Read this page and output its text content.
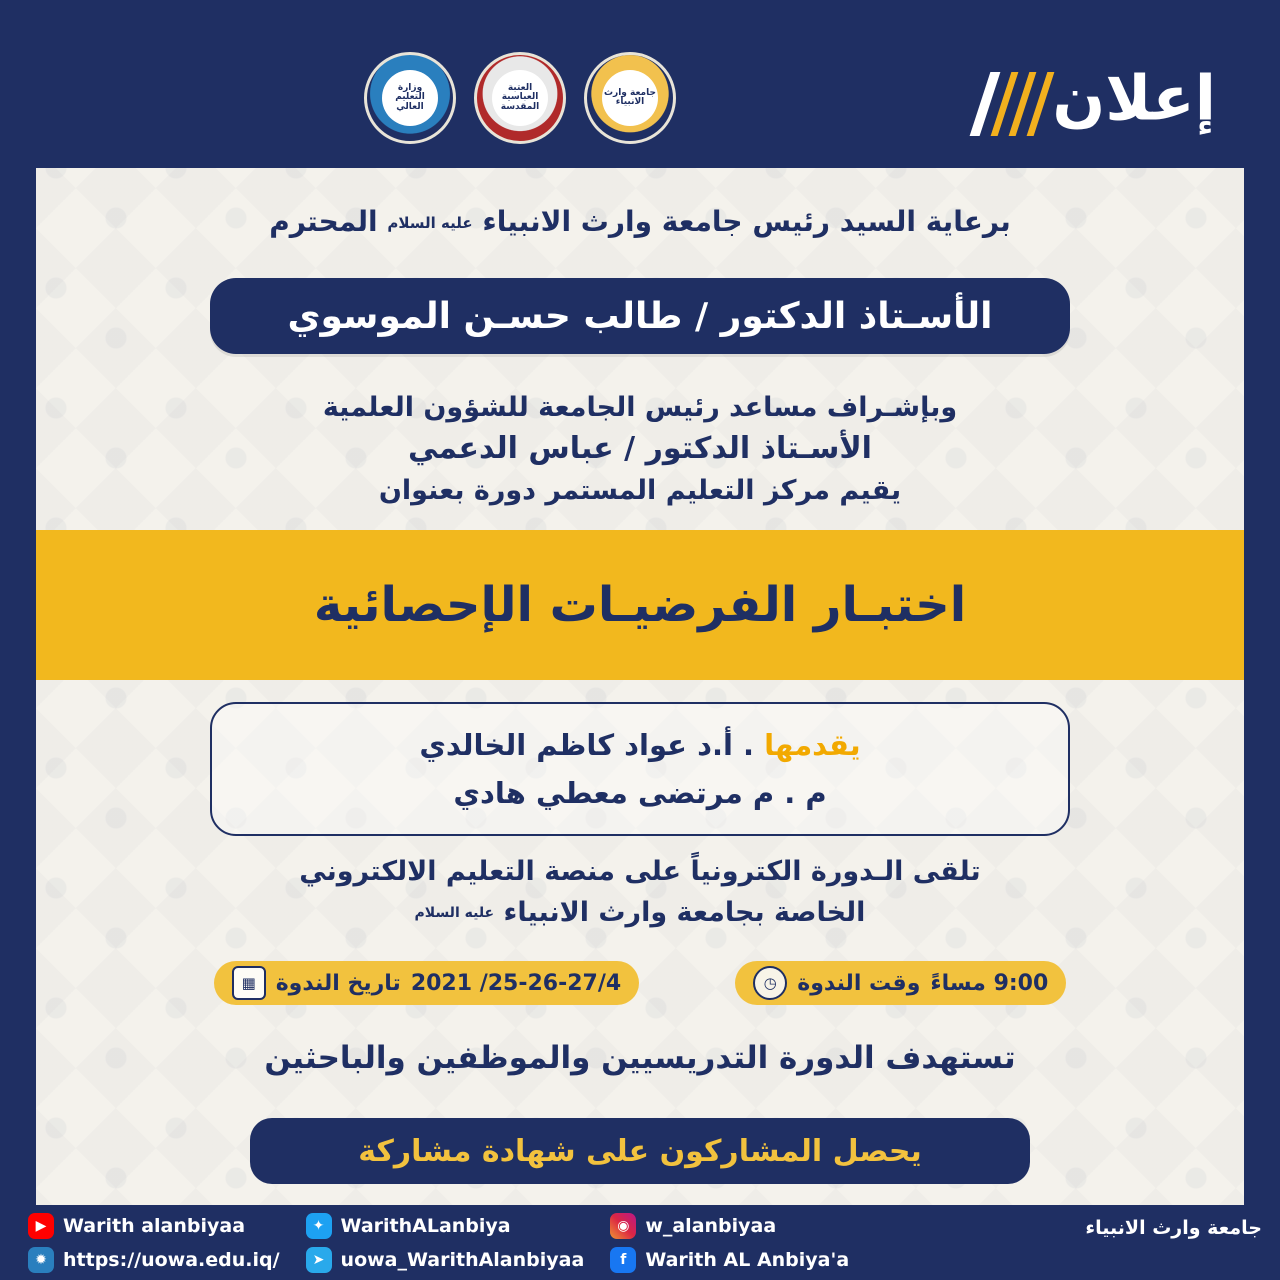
إعلان
جامعة وارث الانبياء
العتبة العباسية المقدسة
وزارة التعليم العالي
برعاية السيد رئيس جامعة وارث الانبياء عليه السلام المحترم
الأسـتاذ الدكتور / طالب حسـن الموسوي
وبإشـراف مساعد رئيس الجامعة للشؤون العلمية
الأسـتاذ الدكتور / عباس الدعمي
يقيم مركز التعليم المستمر دورة بعنوان
اختبـار الفرضيـات الإحصائية
يقدمها . أ.د عواد كاظم الخالدي
م . م مرتضى معطي هادي
تلقى الـدورة الكترونياً على منصة التعليم الالكتروني
الخاصة بجامعة وارث الانبياء عليه السلام
9:00 مساءً
وقت الندوة
◷
25-26-27/4/ 2021
تاريخ الندوة
▦
تستهدف الدورة التدريسيين والموظفين والباحثين
يحصل المشاركون على شهادة مشاركة
جامعة وارث الانبياء
◉ w_alanbiyaa
f Warith AL Anbiya'a
✦ WarithALanbiya
➤ uowa_WarithAlanbiyaa
▶ Warith alanbiyaa
✹ https://uowa.edu.iq/
